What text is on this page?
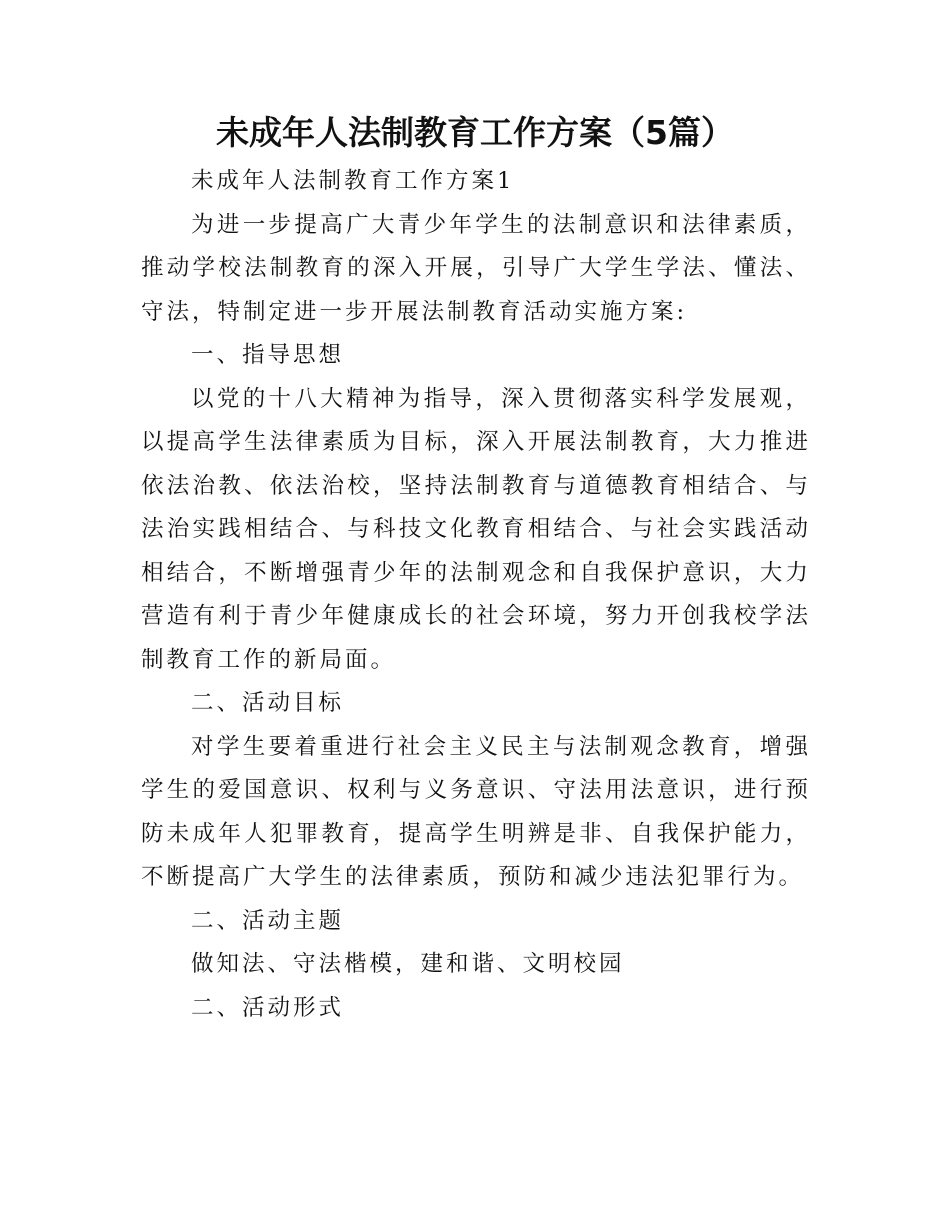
未成年人法制教育工作方案（5篇）

未成年人法制教育工作方案1

为进一步提高广大青少年学生的法制意识和法律素质，推动学校法制教育的深入开展，引导广大学生学法、懂法、守法，特制定进一步开展法制教育活动实施方案:

一、指导思想

以党的十八大精神为指导，深入贯彻落实科学发展观，以提高学生法律素质为目标，深入开展法制教育，大力推进依法治教、依法治校，坚持法制教育与道德教育相结合、与法治实践相结合、与科技文化教育相结合、与社会实践活动相结合，不断增强青少年的法制观念和自我保护意识，大力营造有利于青少年健康成长的社会环境，努力开创我校学法制教育工作的新局面。

二、活动目标

对学生要着重进行社会主义民主与法制观念教育，增强学生的爱国意识、权利与义务意识、守法用法意识，进行预防未成年人犯罪教育，提高学生明辨是非、自我保护能力，不断提高广大学生的法律素质，预防和减少违法犯罪行为。

二、活动主题

做知法、守法楷模，建和谐、文明校园

二、活动形式
